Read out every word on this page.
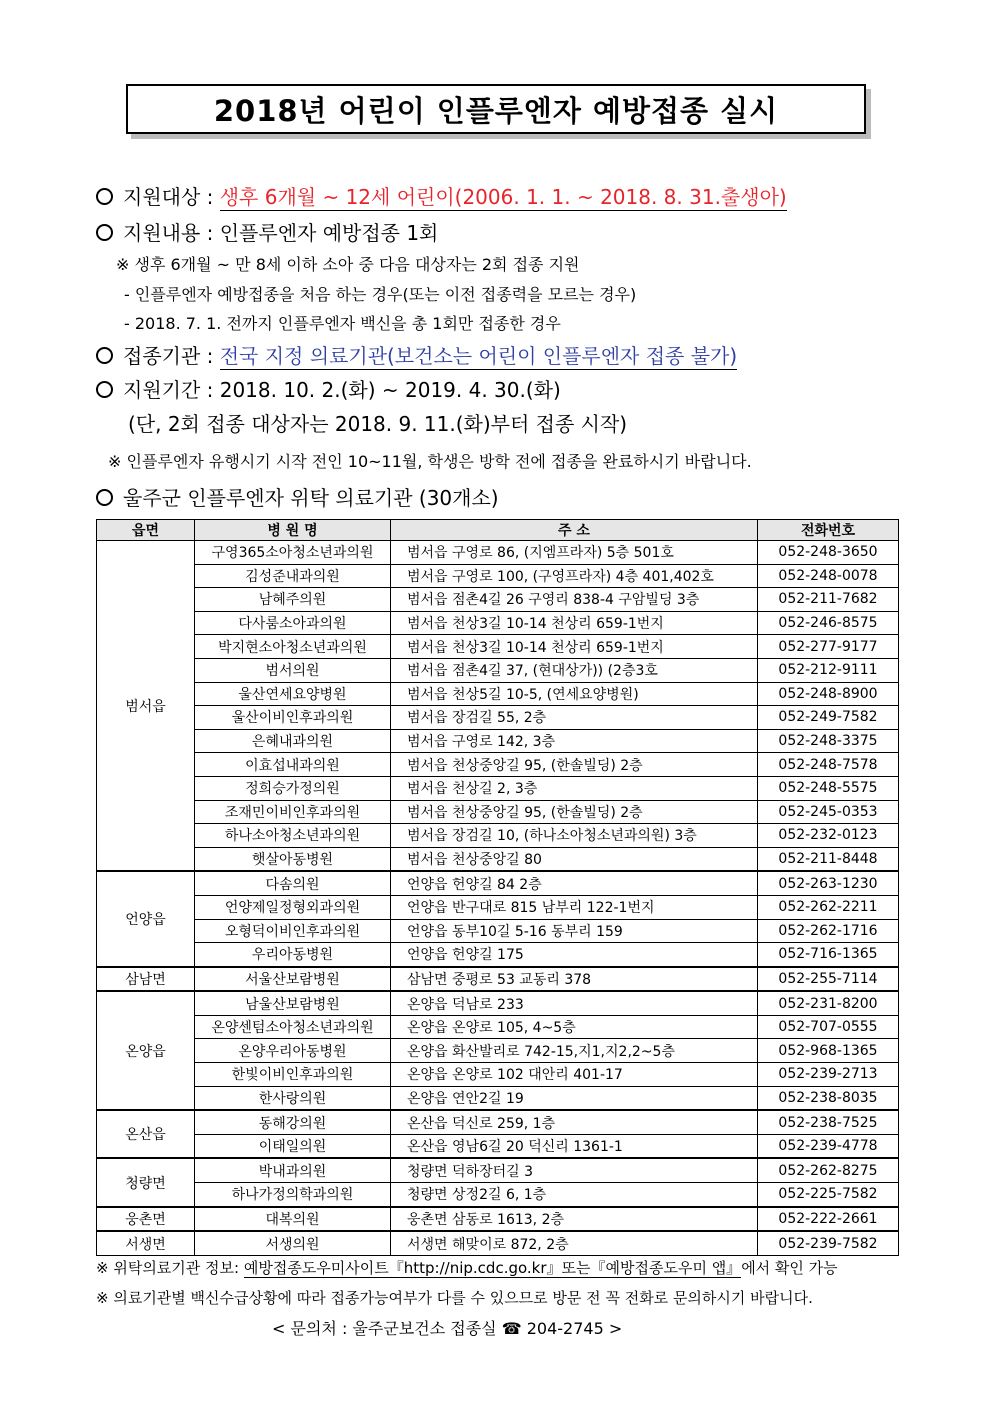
2018년 어린이 인플루엔자 예방접종 실시
지원대상 : 생후 6개월 ~ 12세 어린이(2006. 1. 1. ~ 2018. 8. 31.출생아)
지원내용 : 인플루엔자 예방접종 1회
※ 생후 6개월 ~ 만 8세 이하 소아 중 다음 대상자는 2회 접종 지원
- 인플루엔자 예방접종을 처음 하는 경우(또는 이전 접종력을 모르는 경우)
- 2018. 7. 1. 전까지 인플루엔자 백신을 총 1회만 접종한 경우
접종기관 : 전국 지정 의료기관(보건소는 어린이 인플루엔자 접종 불가)
지원기간 : 2018. 10. 2.(화) ~ 2019. 4. 30.(화)
(단, 2회 접종 대상자는 2018. 9. 11.(화)부터 접종 시작)
※ 인플루엔자 유행시기 시작 전인 10~11월, 학생은 방학 전에 접종을 완료하시기 바랍니다.
울주군 인플루엔자 위탁 의료기관 (30개소)
읍면	병 원 명	주 소	전화번호
범서읍	구영365소아청소년과의원	범서읍 구영로 86, (지엠프라자) 5층 501호	052-248-3650
	김성준내과의원	범서읍 구영로 100, (구영프라자) 4층 401,402호	052-248-0078
	남혜주의원	범서읍 점촌4길 26 구영리 838-4 구암빌딩 3층	052-211-7682
	다사룸소아과의원	범서읍 천상3길 10-14 천상리 659-1번지	052-246-8575
	박지현소아청소년과의원	범서읍 천상3길 10-14 천상리 659-1번지	052-277-9177
	범서의원	범서읍 점촌4길 37, (현대상가)) (2층3호	052-212-9111
	울산연세요양병원	범서읍 천상5길 10-5, (연세요양병원)	052-248-8900
	울산이비인후과의원	범서읍 장검길 55, 2층	052-249-7582
	은혜내과의원	범서읍 구영로 142, 3층	052-248-3375
	이효섭내과의원	범서읍 천상중앙길 95, (한솔빌딩) 2층	052-248-7578
	정희승가정의원	범서읍 천상길 2, 3층	052-248-5575
	조재민이비인후과의원	범서읍 천상중앙길 95, (한솔빌딩) 2층	052-245-0353
	하나소아청소년과의원	범서읍 장검길 10, (하나소아청소년과의원) 3층	052-232-0123
	햇살아동병원	범서읍 천상중앙길 80	052-211-8448
언양읍	다솜의원	언양읍 헌양길 84 2층	052-263-1230
	언양제일정형외과의원	언양읍 반구대로 815 남부리 122-1번지	052-262-2211
	오형덕이비인후과의원	언양읍 동부10길 5-16 동부리 159	052-262-1716
	우리아동병원	언양읍 헌양길 175	052-716-1365
삼남면	서울산보람병원	삼남면 중평로 53 교동리 378	052-255-7114
온양읍	남울산보람병원	온양읍 덕남로 233	052-231-8200
	온양센텀소아청소년과의원	온양읍 온양로 105, 4~5층	052-707-0555
	온양우리아동병원	온양읍 화산발리로 742-15,지1,지2,2~5층	052-968-1365
	한빛이비인후과의원	온양읍 온양로 102 대안리 401-17	052-239-2713
	한사랑의원	온양읍 연안2길 19	052-238-8035
온산읍	동해강의원	온산읍 덕신로 259, 1층	052-238-7525
	이태일의원	온산읍 영남6길 20 덕신리 1361-1	052-239-4778
청량면	박내과의원	청량면 덕하장터길 3	052-262-8275
	하나가정의학과의원	청량면 상정2길 6, 1층	052-225-7582
웅촌면	대복의원	웅촌면 삼동로 1613, 2층	052-222-2661
서생면	서생의원	서생면 해맞이로 872, 2층	052-239-7582
※ 위탁의료기관 정보: 예방접종도우미사이트『http://nip.cdc.go.kr』또는『예방접종도우미 앱』에서 확인 가능
※ 의료기관별 백신수급상황에 따라 접종가능여부가 다를 수 있으므로 방문 전 꼭 전화로 문의하시기 바랍니다.
< 문의처 : 울주군보건소 접종실 ☎ 204-2745 >
